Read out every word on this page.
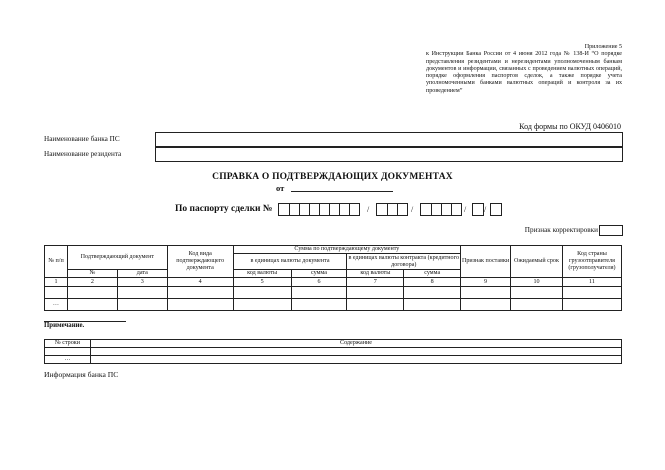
Приложение 5
к Инструкции Банка России от 4 июня 2012 года № 138-И “О порядке представления резидентами и нерезидентами уполномоченным банкам документов и информации, связанных с проведением валютных операций, порядке оформления паспортов сделок, а также порядке учета уполномоченными банками валютных операций и контроля за их проведением”
Код формы по ОКУД 0406010
Наименование банка ПС
Наименование резидента
СПРАВКА О ПОДТВЕРЖДАЮЩИХ ДОКУМЕНТАХ
от
По паспорту сделки №	/	/	/ /
Признак корректировки
№ п/п	Подтверждающий документ		Код вида подтверждающего документа	Сумма по подтверждающему документу				Признак поставки	Ожидаемый срок	Код страны грузоотправителя (грузополучателя)
				в единицах валюты документа		в единицах валюты контракта (кредитного договора)				
	№	дата		код валюты	сумма	код валюты	сумма			
1	2	3	4	5	6	7	8	9	10	11

…										
Примечание.
№ строки	Содержание

…	
Информация банка ПС
